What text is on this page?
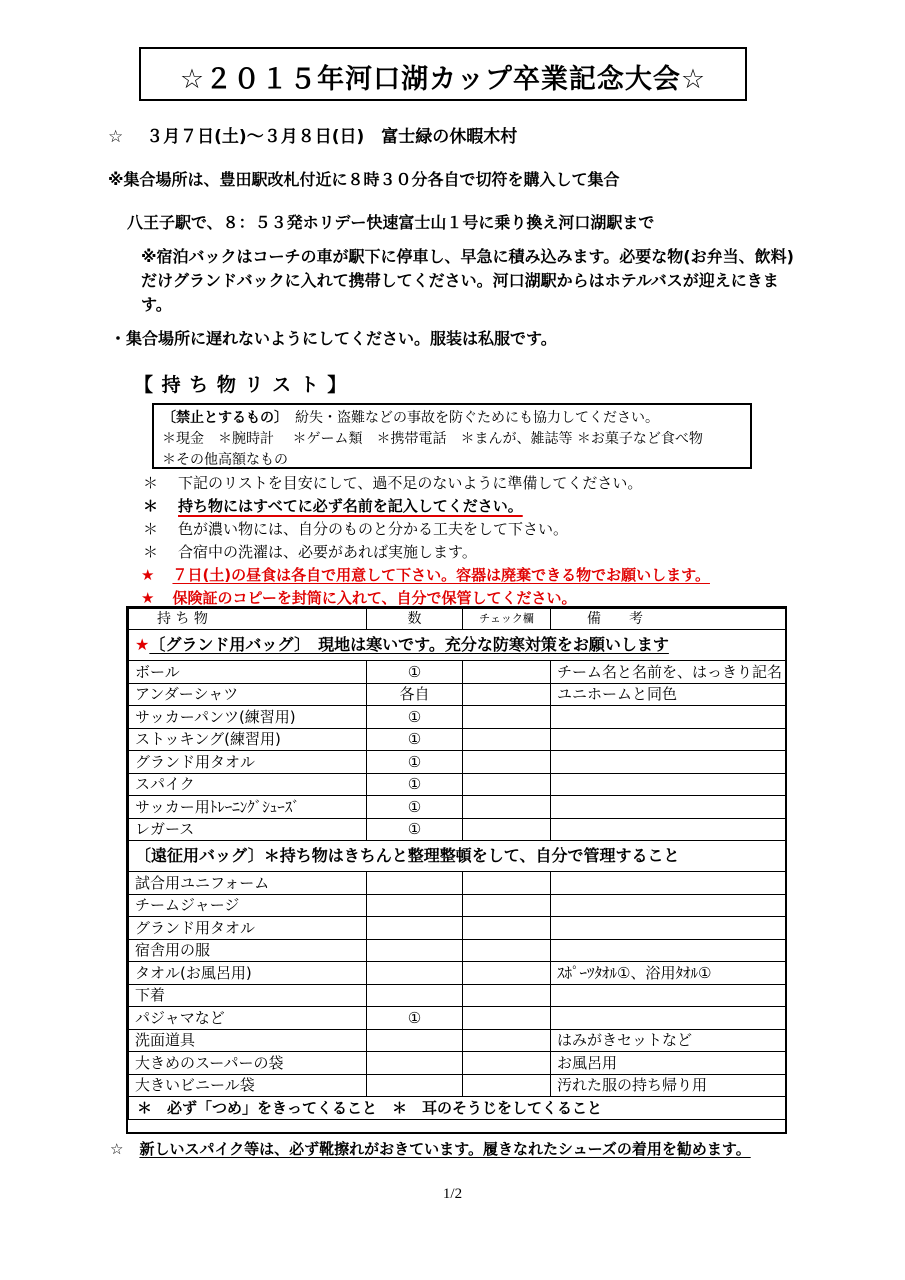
☆２０１５年河口湖カップ卒業記念大会☆
☆　 ３月７日(土)～３月８日(日)　富士緑の休暇木村
※集合場所は、豊田駅改札付近に８時３０分各自で切符を購入して集合
八王子駅で、８：５３発ホリデー快速富士山１号に乗り換え河口湖駅まで
※宿泊バックはコーチの車が駅下に停車し、早急に積み込みます。必要な物(お弁当、飲料)だけグランドバックに入れて携帯してください。河口湖駅からはホテルバスが迎えにきます。
・集合場所に遅れないようにしてください。服装は私服です。
【 持 ち 物 リ ス ト 】
〔禁止とするもの〕　紛失・盗難などの事故を防ぐためにも協力してください。
＊現金　＊腕時計　 ＊ゲーム類　＊携帯電話　＊まんが、雑誌等 ＊お菓子など食べ物
＊その他高額なもの
＊ 下記のリストを目安にして、過不足のないように準備してください。
＊ 持ち物にはすべてに必ず名前を記入してください。
＊ 色が濃い物には、自分のものと分かる工夫をして下さい。
＊ 合宿中の洗濯は、必要があれば実施します。
★ ７日(土)の昼食は各自で用意して下さい。容器は廃棄できる物でお願いします。
★ 保険証のコピーを封筒に入れて、自分で保管してください。
持 ち 物	数	チェック欄	備　　考
★〔グランド用バッグ〕　現地は寒いです。充分な防寒対策をお願いします			
ボール	①		チーム名と名前を、はっきり記名
アンダーシャツ	各自		ユニホームと同色
サッカーパンツ(練習用)	①		
ストッキング(練習用)	①		
グランド用タオル	①		
スパイク	①		
サッカー用ﾄﾚｰﾆﾝｸﾞｼｭｰｽﾞ	①		
レガース	①		
〔遠征用バッグ〕＊持ち物はきちんと整理整頓をして、自分で管理すること			
試合用ユニフォーム			
チームジャージ			
グランド用タオル			
宿舎用の服			
タオル(お風呂用)			ｽﾎﾟｰﾂﾀｵﾙ①、浴用ﾀｵﾙ①
下着			
パジャマなど	①		
洗面道具			はみがきセットなど
大きめのスーパーの袋			お風呂用
大きいビニール袋			汚れた服の持ち帰り用
＊　必ず「つめ」をきってくること　＊　耳のそうじをしてくること			
☆ 新しいスパイク等は、必ず靴擦れがおきています。履きなれたシューズの着用を勧めます。
1/2
